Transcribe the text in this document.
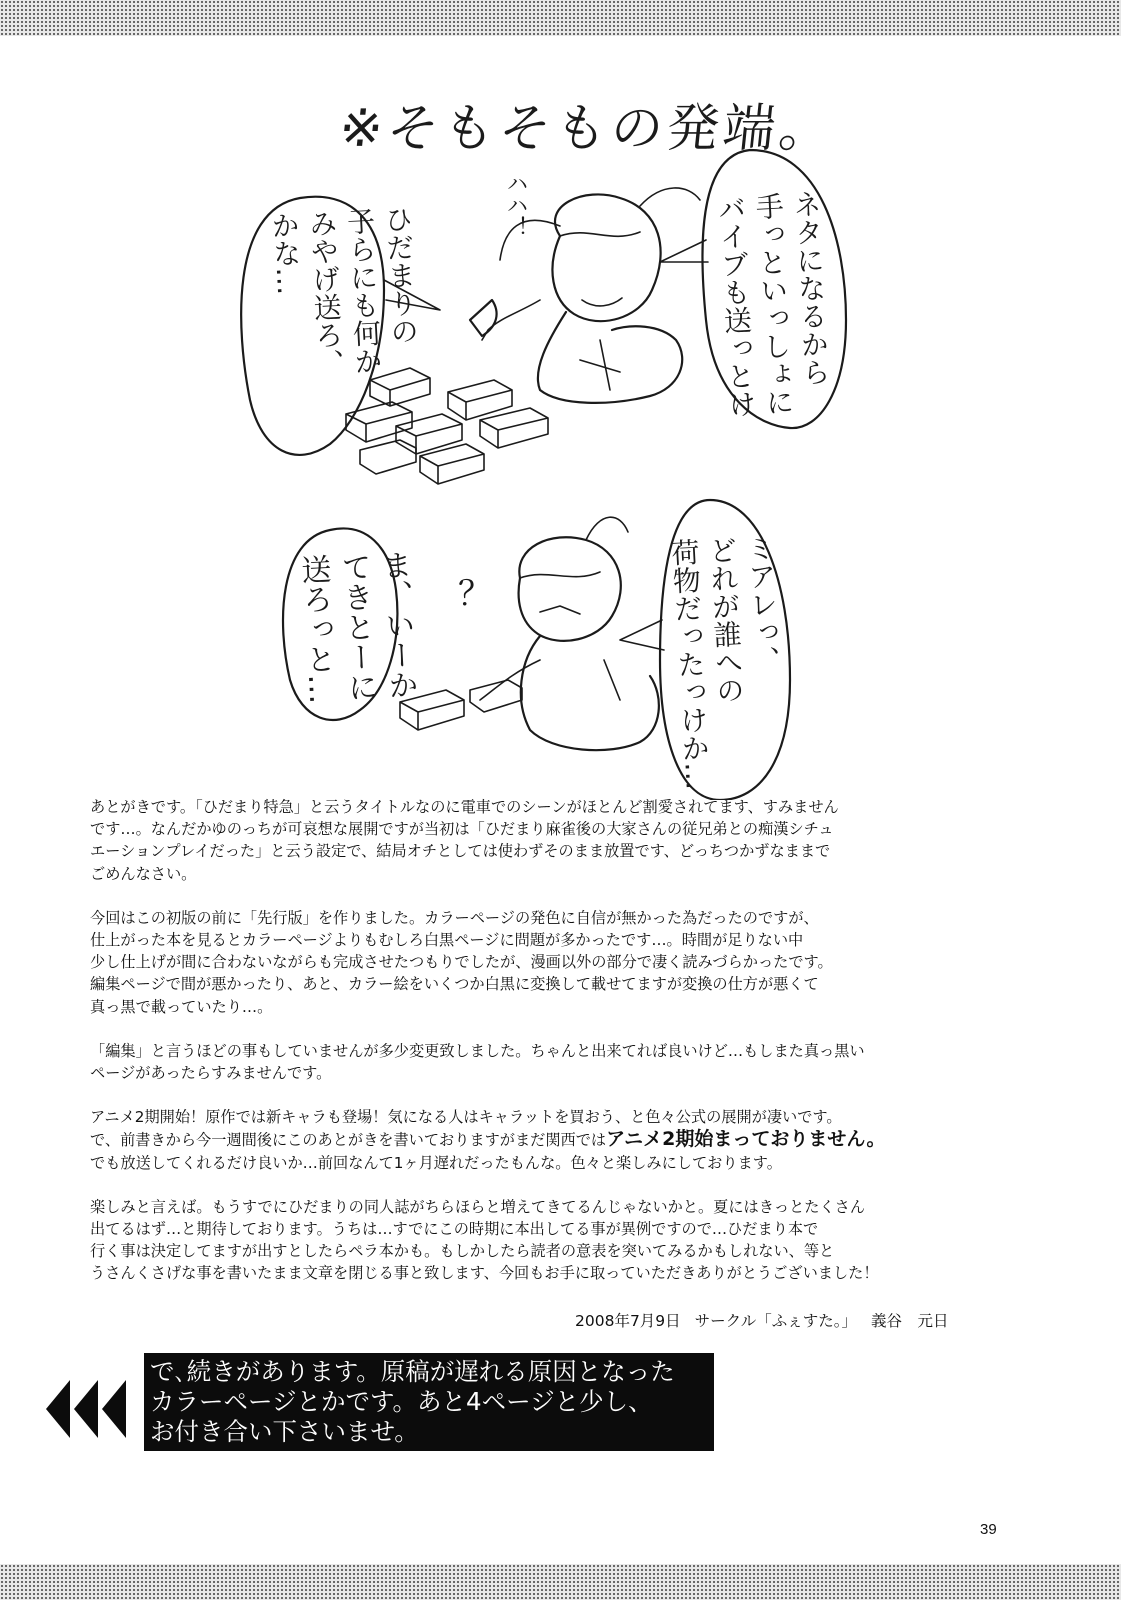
※そもそもの発端。
ひだまりの
子らにも何か
みやげ送ろ、
かな…	ネタになるから
手っといっしょに
バイブも送っとけ
ハハ！
ま、いーか
てきとーに
送ろっと…	ミアレっ、
どれが誰への
荷物だったっけか…
？

あとがきです。「ひだまり特急」と云うタイトルなのに電車でのシーンがほとんど割愛されてます、すみません
です…。なんだかゆのっちが可哀想な展開ですが当初は「ひだまり麻雀後の大家さんの従兄弟との痴漢シチュ
エーションプレイだった」と云う設定で、結局オチとしては使わずそのまま放置です、どっちつかずなままで
ごめんなさい。

今回はこの初版の前に「先行版」を作りました。カラーページの発色に自信が無かった為だったのですが、
仕上がった本を見るとカラーページよりもむしろ白黒ページに問題が多かったです…。時間が足りない中
少し仕上げが間に合わないながらも完成させたつもりでしたが、漫画以外の部分で凄く読みづらかったです。
編集ページで間が悪かったり、あと、カラー絵をいくつか白黒に変換して載せてますが変換の仕方が悪くて
真っ黒で載っていたり…。

「編集」と言うほどの事もしていませんが多少変更致しました。ちゃんと出来てれば良いけど…もしまた真っ黒い
ページがあったらすみませんです。

アニメ2期開始！原作では新キャラも登場！気になる人はキャラットを買おう、と色々公式の展開が凄いです。
で、前書きから今一週間後にこのあとがきを書いておりますがまだ関西ではアニメ2期始まっておりません。
でも放送してくれるだけ良いか…前回なんて1ヶ月遅れだったもんな。色々と楽しみにしております。

楽しみと言えば。もうすでにひだまりの同人誌がちらほらと増えてきてるんじゃないかと。夏にはきっとたくさん
出てるはず…と期待しております。うちは…すでにこの時期に本出してる事が異例ですので…ひだまり本で
行く事は決定してますが出すとしたらペラ本かも。もしかしたら読者の意表を突いてみるかもしれない、等と
うさんくさげな事を書いたまま文章を閉じる事と致します、今回もお手に取っていただきありがとうございました！

2008年7月9日 サークル「ふぇすた。」 義谷　元日
で､続きがあります。原稿が遅れる原因となった
カラーページとかです。あと4ページと少し、
お付き合い下さいませ。
39
